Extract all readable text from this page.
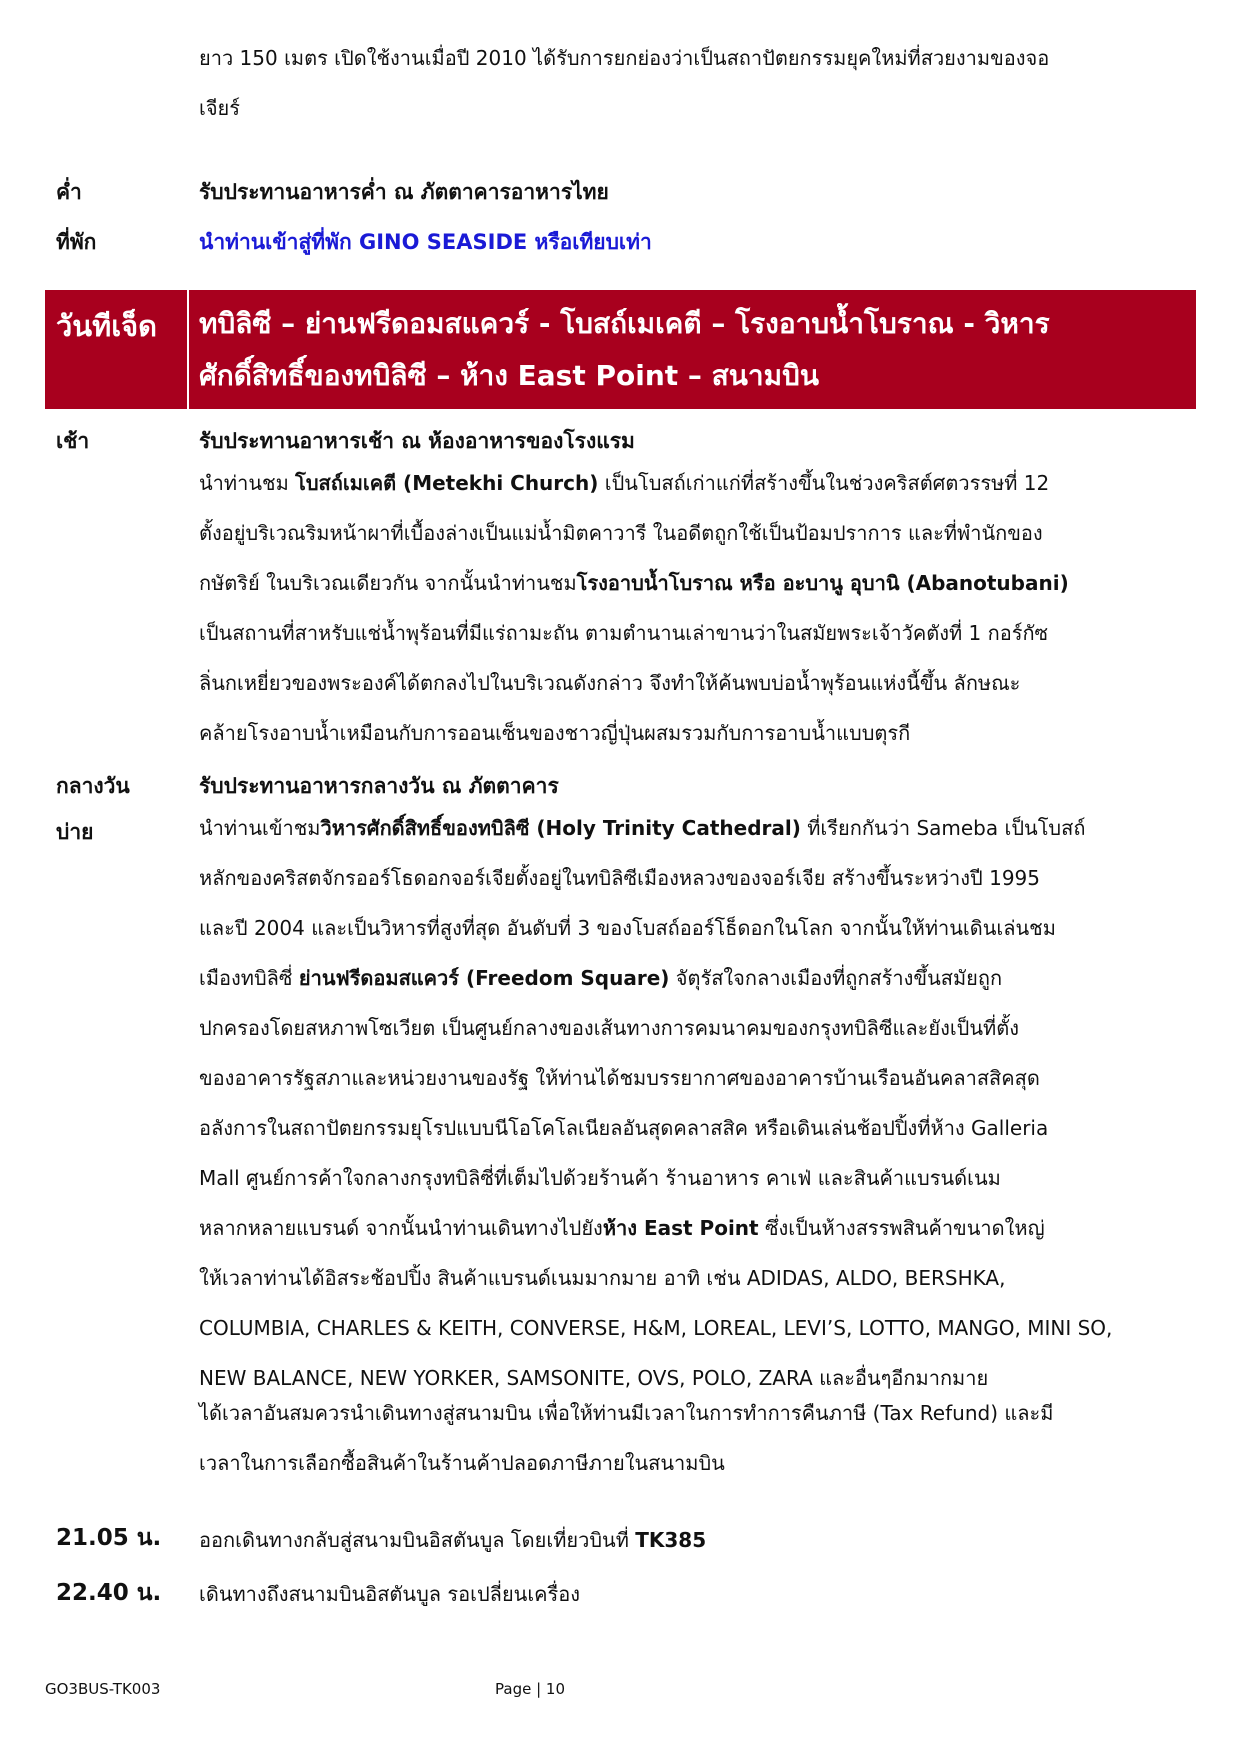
ยาว 150 เมตร เปิดใช้งานเมื่อปี 2010 ได้รับการยกย่องว่าเป็นสถาปัตยกรรมยุคใหม่ที่สวยงามของจอ

เจียร์

ค่ำ	รับประทานอาหารค่ำ ณ ภัตตาคารอาหารไทย
ที่พัก	นำท่านเข้าสู่ที่พัก GINO SEASIDE หรือเทียบเท่า
วันทีเจ็ด ทบิลิซี – ย่านฟรีดอมสแควร์ - โบสถ์เมเคตี – โรงอาบน้ำโบราณ - วิหาร
ศักดิ์สิทธิ์ของทบิลิซี – ห้าง East Point – สนามบิน
เช้า	รับประทานอาหารเช้า ณ ห้องอาหารของโรงแรม

นำท่านชม โบสถ์เมเคตี (Metekhi Church) เป็นโบสถ์เก่าแก่ที่สร้างขึ้นในช่วงคริสต์ศตวรรษที่ 12

ตั้งอยู่บริเวณริมหน้าผาที่เบื้องล่างเป็นแม่น้ำมิตคาวารี ในอดีตถูกใช้เป็นป้อมปราการ และที่พำนักของ

กษัตริย์ ในบริเวณเดียวกัน จากนั้นนำท่านชมโรงอาบน้ำโบราณ หรือ อะบานู อุบานิ (Abanotubani)

เป็นสถานที่สาหรับแช่น้ำพุร้อนที่มีแร่ถามะถัน ตามตำนานเล่าขานว่าในสมัยพระเจ้าวัคตังที่ 1 กอร์กัซ

ลิ่นกเหยี่ยวของพระองค์ได้ตกลงไปในบริเวณดังกล่าว จึงทำให้ค้นพบบ่อน้ำพุร้อนแห่งนี้ขึ้น ลักษณะ

คล้ายโรงอาบน้ำเหมือนกับการออนเซ็นของชาวญี่ปุ่นผสมรวมกับการอาบน้ำแบบตุรกี

กลางวัน	รับประทานอาหารกลางวัน ณ ภัตตาคาร
บ่าย	นำท่านเข้าชมวิหารศักดิ์สิทธิ์ของทบิลิซี (Holy Trinity Cathedral) ที่เรียกกันว่า Sameba เป็นโบสถ์

หลักของคริสตจักรออร์โธดอกจอร์เจียตั้งอยู่ในทบิลิซีเมืองหลวงของจอร์เจีย สร้างขึ้นระหว่างปี 1995

และปี 2004 และเป็นวิหารที่สูงที่สุด อันดับที่ 3 ของโบสถ์ออร์โธ็ดอกในโลก จากนั้นให้ท่านเดินเล่นชม

เมืองทบิลิซี่ ย่านฟรีดอมสแควร์ (Freedom Square) จัตุรัสใจกลางเมืองที่ถูกสร้างขึ้นสมัยถูก

ปกครองโดยสหภาพโซเวียต เป็นศูนย์กลางของเส้นทางการคมนาคมของกรุงทบิลิซีและยังเป็นที่ตั้ง

ของอาคารรัฐสภาและหน่วยงานของรัฐ ให้ท่านได้ชมบรรยากาศของอาคารบ้านเรือนอันคลาสสิคสุด

อลังการในสถาปัตยกรรมยุโรปแบบนีโอโคโลเนียลอันสุดคลาสสิค หรือเดินเล่นช้อปปิ้งที่ห้าง Galleria

Mall ศูนย์การค้าใจกลางกรุงทบิลิซี่ที่เต็มไปด้วยร้านค้า ร้านอาหาร คาเฟ่ และสินค้าแบรนด์เนม

หลากหลายแบรนด์ จากนั้นนำท่านเดินทางไปยังห้าง East Point ซึ่งเป็นห้างสรรพสินค้าขนาดใหญ่

ให้เวลาท่านได้อิสระช้อปปิ้ง สินค้าแบรนด์เนมมากมาย อาทิ เช่น ADIDAS, ALDO, BERSHKA,

COLUMBIA, CHARLES & KEITH, CONVERSE, H&M, LOREAL, LEVI’S, LOTTO, MANGO, MINI SO,

NEW BALANCE, NEW YORKER, SAMSONITE, OVS, POLO, ZARA และอื่นๆอีกมากมาย

ได้เวลาอันสมควรนำเดินทางสู่สนามบิน เพื่อให้ท่านมีเวลาในการทำการคืนภาษี (Tax Refund) และมี

เวลาในการเลือกซื้อสินค้าในร้านค้าปลอดภาษีภายในสนามบิน

21.05 น. ออกเดินทางกลับสู่สนามบินอิสตันบูล โดยเที่ยวบินที่ TK385
22.40 น. เดินทางถึงสนามบินอิสตันบูล รอเปลี่ยนเครื่อง
GO3BUS-TK003	Page | 10
